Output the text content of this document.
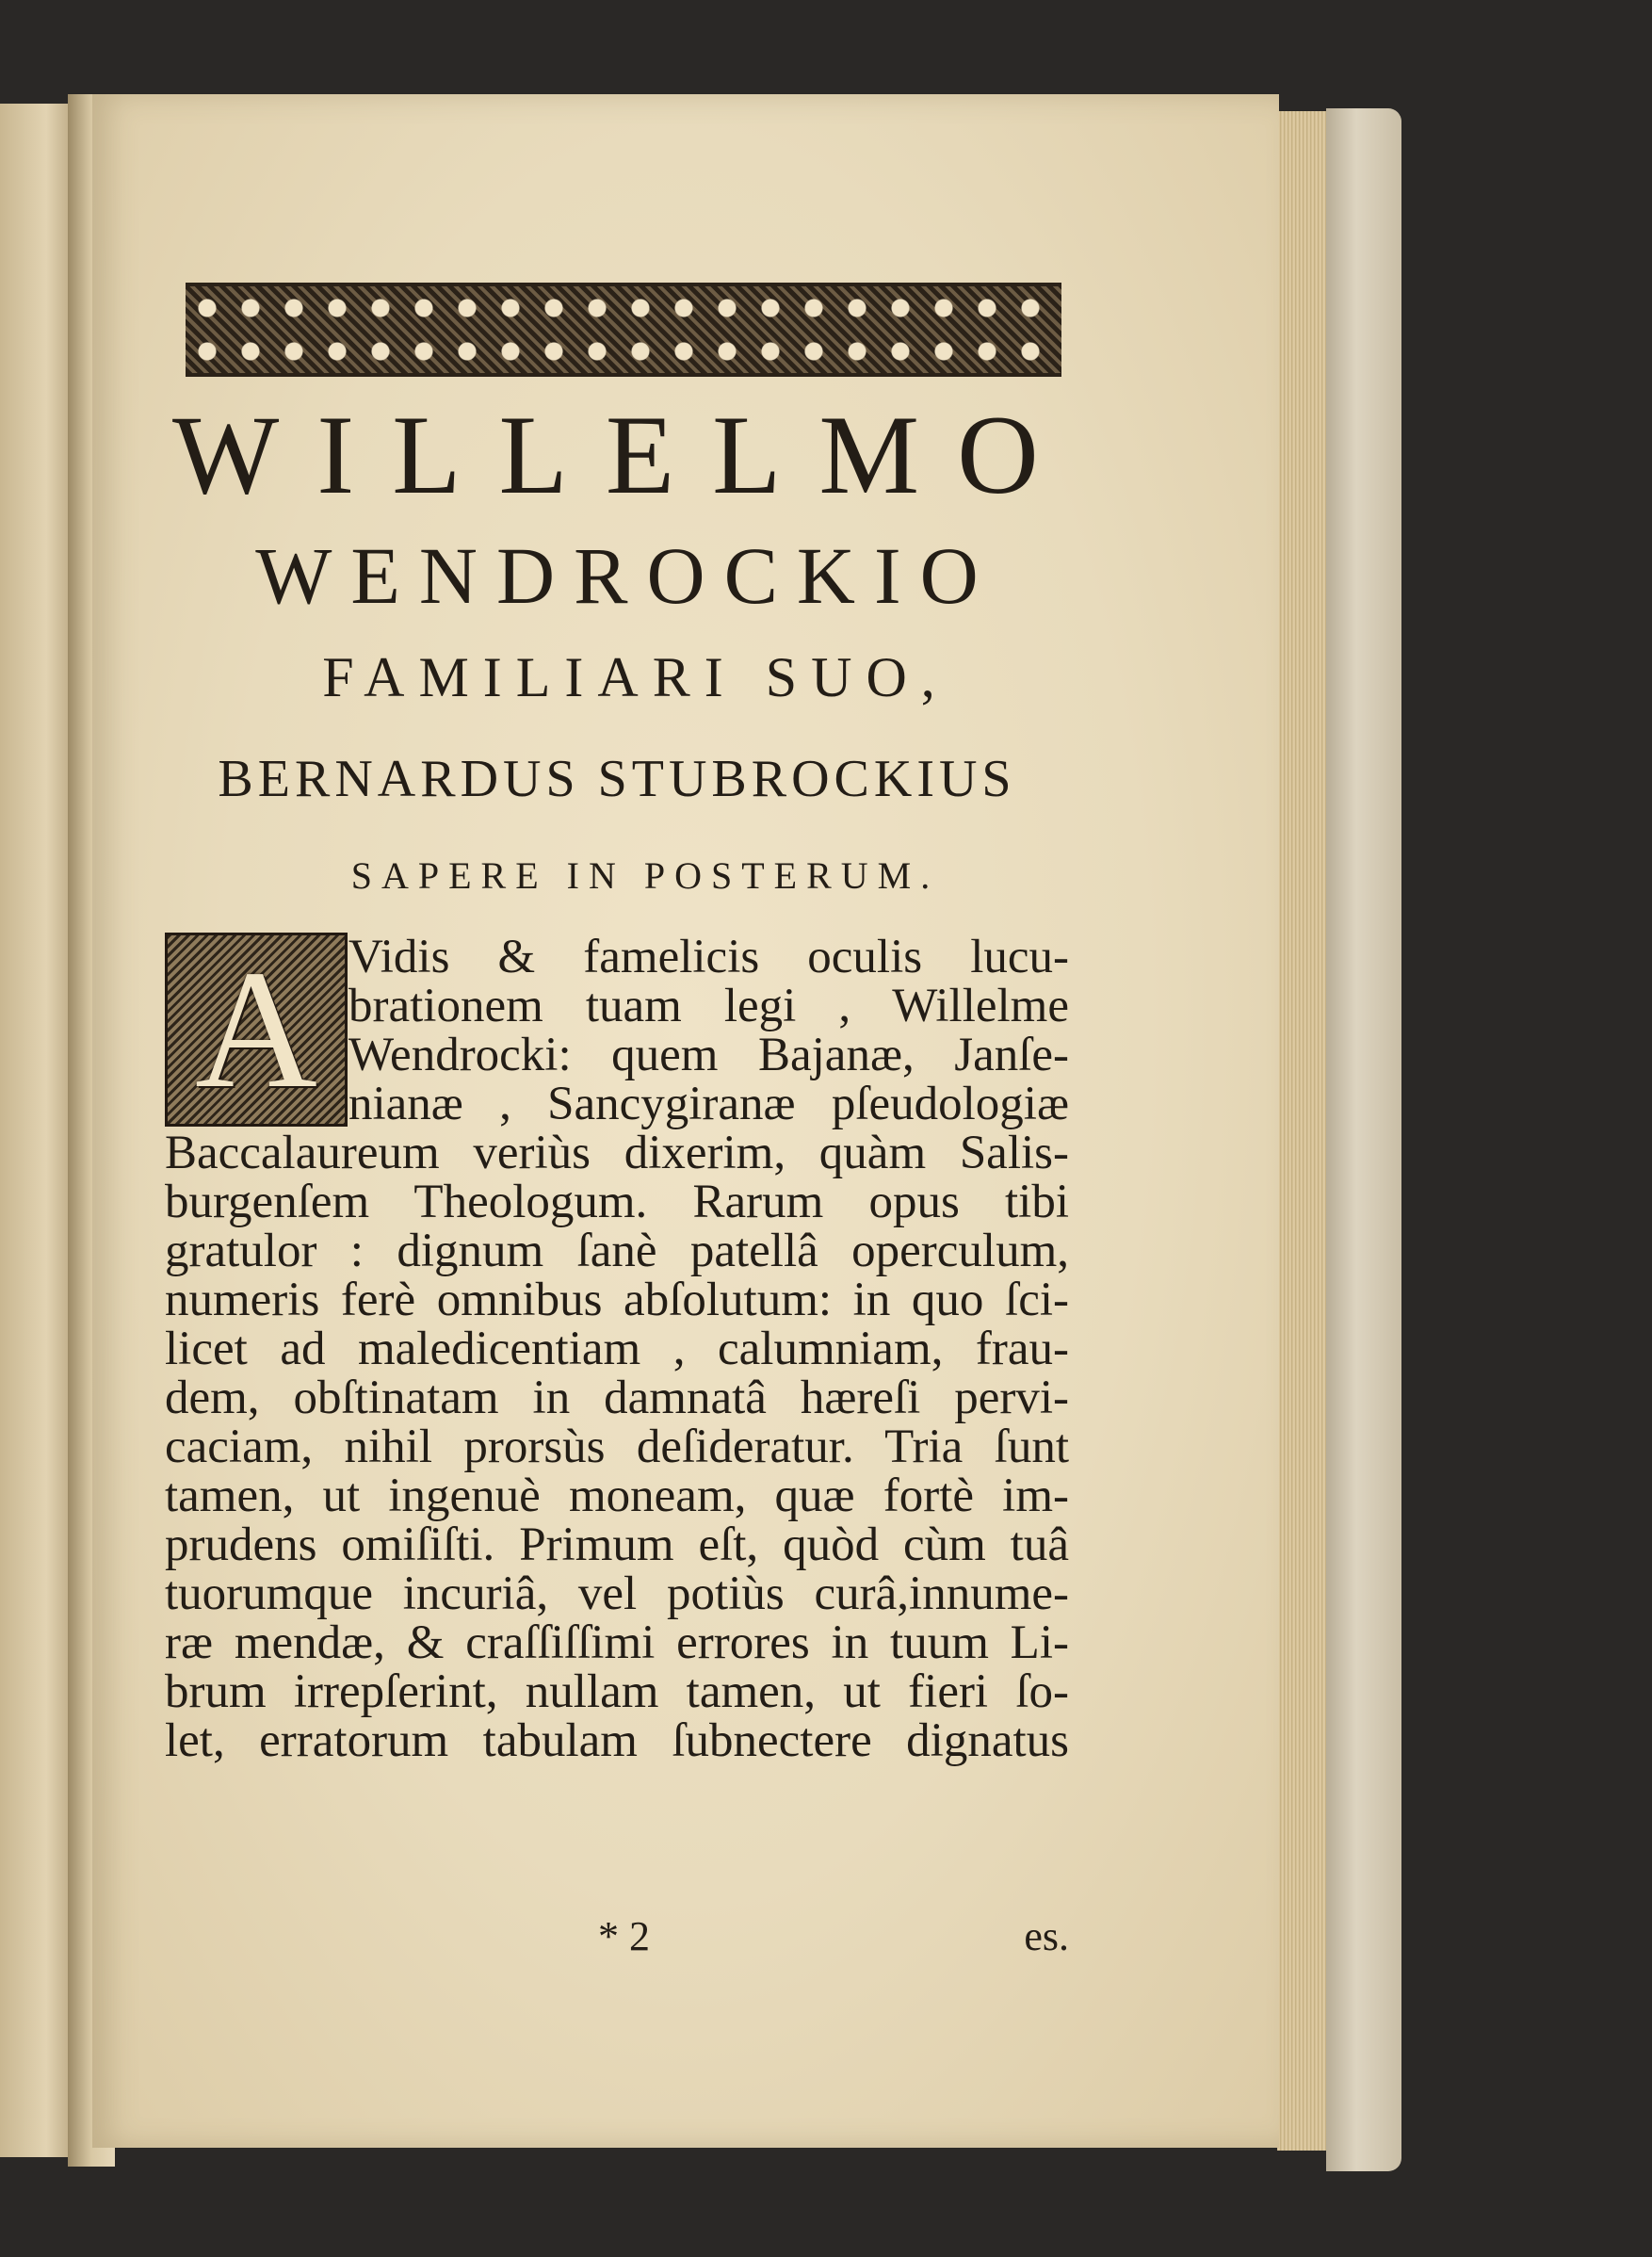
WILLELMO
WENDROCKIO
FAMILIARI SUO,
BERNARDUS STUBROCKIUS
SAPERE IN POSTERUM.
A Vidis & famelicis oculis lucu-
brationem tuam legi , Willelme
Wendrocki: quem Bajanæ, Janſe-
nianæ , Sancygiranæ pſeudologiæ
Baccalaureum veriùs dixerim, quàm Salis-
burgenſem Theologum. Rarum opus tibi
gratulor : dignum ſanè patellâ operculum,
numeris ferè omnibus abſolutum: in quo ſci-
licet ad maledicentiam , calumniam, frau-
dem, obſtinatam in damnatâ hæreſi pervi-
caciam, nihil prorsùs deſideratur. Tria ſunt
tamen, ut ingenuè moneam, quæ fortè im-
prudens omiſiſti. Primum eſt, quòd cùm tuâ
tuorumque incuriâ, vel potiùs curâ,innume-
ræ mendæ, & craſſiſſimi errores in tuum Li-
brum irrepſerint, nullam tamen, ut fieri ſo-
let, erratorum tabulam ſubnectere dignatus
* 2	es.
